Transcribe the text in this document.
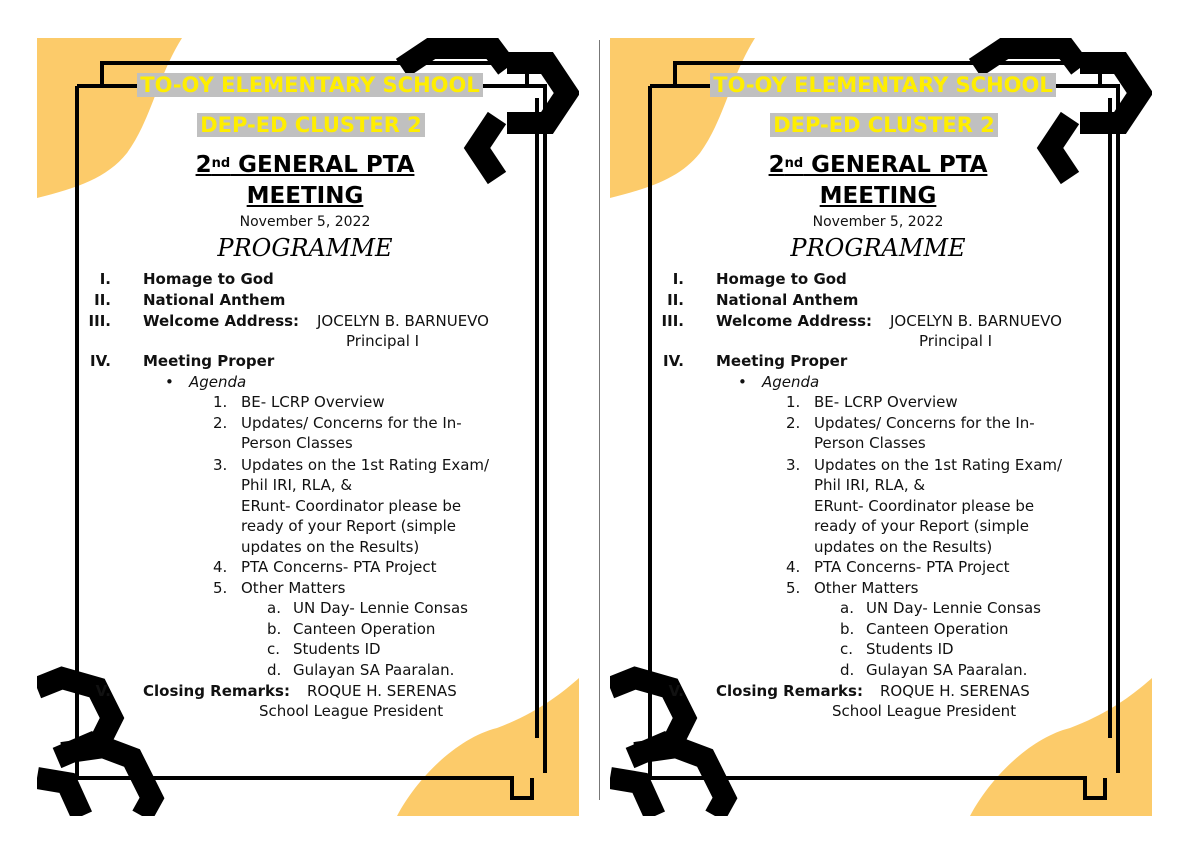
TO-OY ELEMENTARY SCHOOL
DEP-ED CLUSTER 2
2nd GENERAL PTA
MEETING
November 5, 2022
PROGRAMME
I. Homage to God
II. National Anthem
III. Welcome Address: JOCELYN B. BARNUEVO
Principal I
IV. Meeting Proper
• Agenda
1. BE- LCRP Overview
2. Updates/ Concerns for the In-
Person Classes
3. Updates on the 1st Rating Exam/
Phil IRI, RLA, &
ERunt- Coordinator please be
ready of your Report (simple
updates on the Results)
4. PTA Concerns- PTA Project
5. Other Matters
a. UN Day- Lennie Consas
b. Canteen Operation
c. Students ID
d. Gulayan SA Paaralan.
V. Closing Remarks: ROQUE H. SERENAS
School League President
TO-OY ELEMENTARY SCHOOL
DEP-ED CLUSTER 2
2nd GENERAL PTA
MEETING
November 5, 2022
PROGRAMME
I. Homage to God
II. National Anthem
III. Welcome Address: JOCELYN B. BARNUEVO
Principal I
IV. Meeting Proper
• Agenda
1. BE- LCRP Overview
2. Updates/ Concerns for the In-
Person Classes
3. Updates on the 1st Rating Exam/
Phil IRI, RLA, &
ERunt- Coordinator please be
ready of your Report (simple
updates on the Results)
4. PTA Concerns- PTA Project
5. Other Matters
a. UN Day- Lennie Consas
b. Canteen Operation
c. Students ID
d. Gulayan SA Paaralan.
V. Closing Remarks: ROQUE H. SERENAS
School League President
